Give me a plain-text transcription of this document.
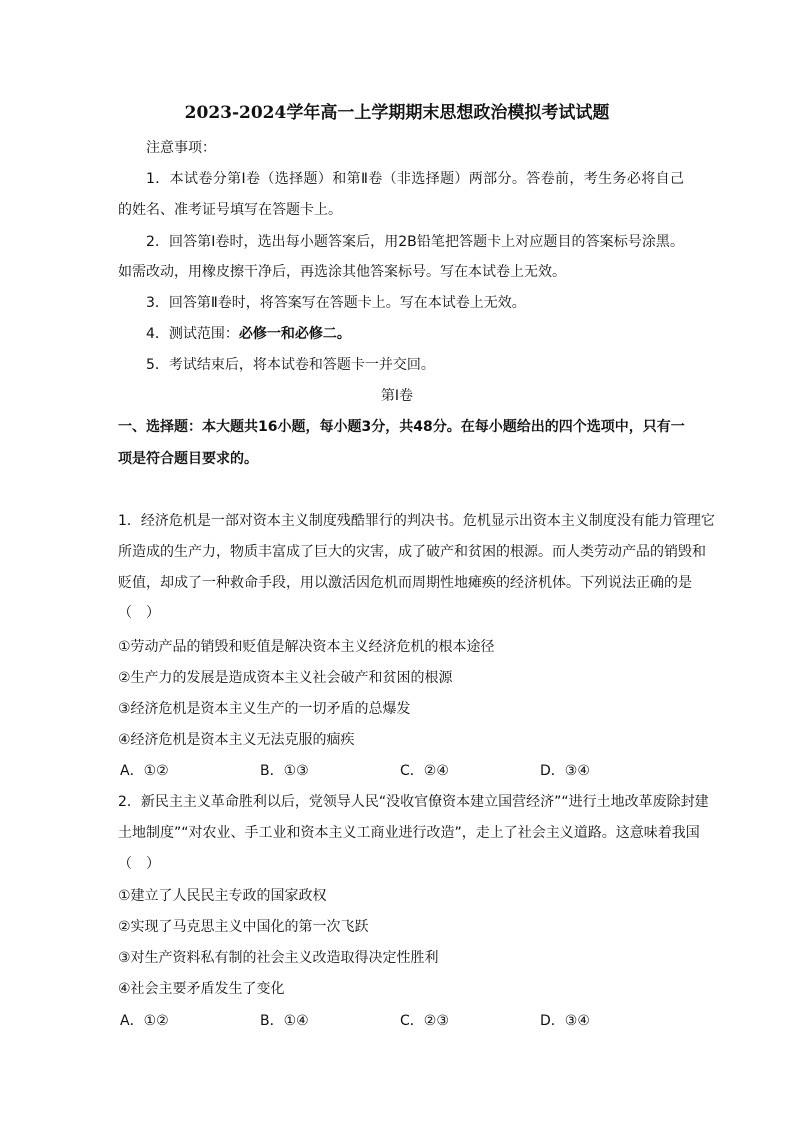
2023-2024学年高一上学期期末思想政治模拟考试试题
注意事项：
1．本试卷分第Ⅰ卷（选择题）和第Ⅱ卷（非选择题）两部分。答卷前，考生务必将自己
的姓名、准考证号填写在答题卡上。
2．回答第Ⅰ卷时，选出每小题答案后，用2B铅笔把答题卡上对应题目的答案标号涂黑。
如需改动，用橡皮擦干净后，再选涂其他答案标号。写在本试卷上无效。
3．回答第Ⅱ卷时，将答案写在答题卡上。写在本试卷上无效。
4．测试范围：必修一和必修二。
5．考试结束后，将本试卷和答题卡一并交回。
第Ⅰ卷
一、选择题：本大题共16小题，每小题3分，共48分。在每小题给出的四个选项中，只有一
项是符合题目要求的。
1．经济危机是一部对资本主义制度残酷罪行的判决书。危机显示出资本主义制度没有能力管理它
所造成的生产力，物质丰富成了巨大的灾害，成了破产和贫困的根源。而人类劳动产品的销毁和
贬值，却成了一种救命手段，用以激活因危机而周期性地瘫痪的经济机体。下列说法正确的是
（　）
①劳动产品的销毁和贬值是解决资本主义经济危机的根本途径
②生产力的发展是造成资本主义社会破产和贫困的根源
③经济危机是资本主义生产的一切矛盾的总爆发
④经济危机是资本主义无法克服的痼疾
A．①②	B．①③	C．②④	D．③④
2．新民主主义革命胜利以后，党领导人民“没收官僚资本建立国营经济”“进行土地改革废除封建
土地制度”“对农业、手工业和资本主义工商业进行改造”，走上了社会主义道路。这意味着我国
（　）
①建立了人民民主专政的国家政权
②实现了马克思主义中国化的第一次飞跃
③对生产资料私有制的社会主义改造取得决定性胜利
④社会主要矛盾发生了变化
A．①②	B．①④	C．②③	D．③④
